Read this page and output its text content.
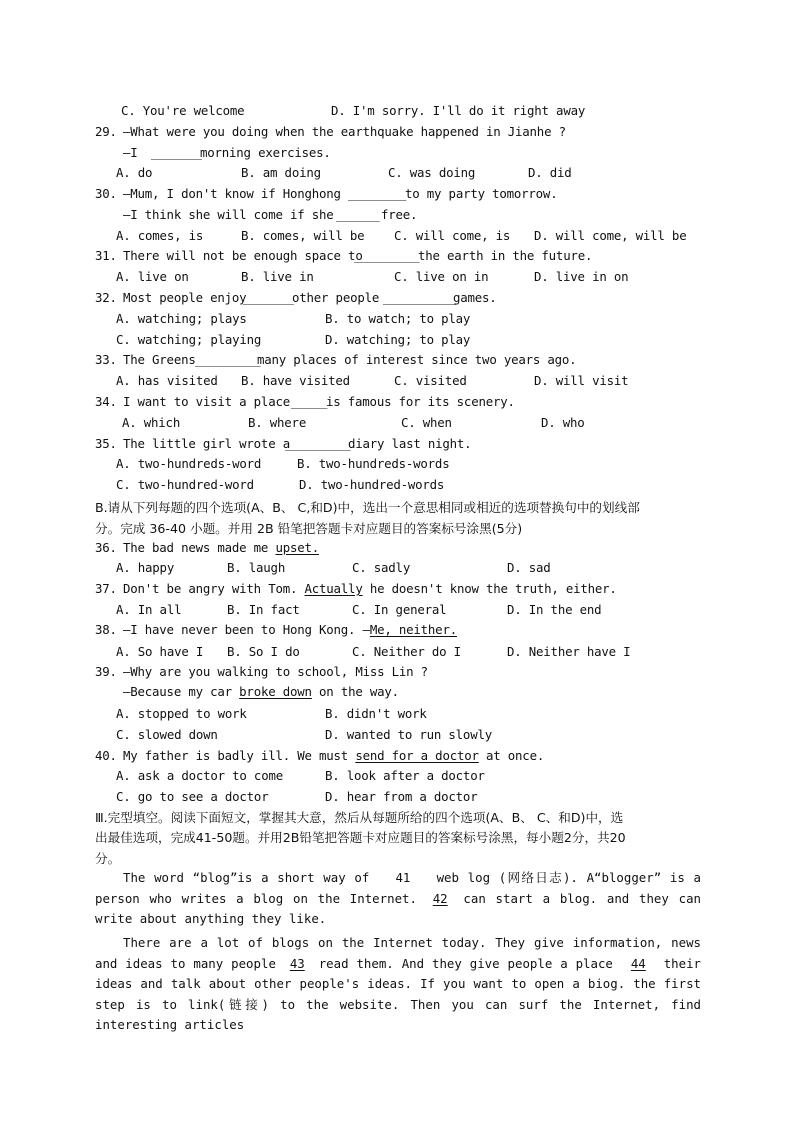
C. You're welcome	D. I'm sorry. I'll do it right away
29. —What were you doing when the earthquake happened in Jianhe ?
—I _______
morning exercises.
A. do	B. am doing	C. was doing	D. did
30. —Mum, I don't know if Honghong ________
to my party tomorrow.
—I think she will come if she ______ free.
A. comes, is	B. comes, will be C. will come, is D. will come, will be
31. There will not be enough space to
_________
the earth in the future.
A. live on	B. live in	C. live on in	D. live in on
32. Most people enjoy
_______
other people __________
games.
A. watching; plays	B. to watch; to play
C. watching; playing	D. watching; to play
33. The Greens _________
many places of interest since two years ago.
A. has visited B. have visited	C. visited	D. will visit
34. I want to visit a place _____
is famous for its scenery.
A. which	B. where	C. when	D. who
35. The little girl wrote a
_________
diary last night.
A. two-hundreds-word	B. two-hundreds-words
C. two-hundred-word	D. two-hundred-words
B.请从下列每题的四个选项(A、B、 C,和D)中，选出一个意思相同或相近的选项替换句中的划线部
分。完成 36-40 小题。并用 2B 铅笔把答题卡对应题目的答案标号涂黑(5分)
36. The bad news made me upset.
A. happy	B. laugh	C. sadly	D. sad
37. Don't be angry with Tom. Actually he doesn't know the truth, either.
A. In all	B. In fact	C. In general	D. In the end
38. —I have never been to Hong Kong. —Me, neither.
A. So have I B. So I do	C. Neither do I	D. Neither have I
39. —Why are you walking to school, Miss Lin ?
—Because my car broke down on the way.
A. stopped to work	B. didn't work
C. slowed down	D. wanted to run slowly
40. My father is badly ill. We must send for a doctor at once.
A. ask a doctor to come	B. look after a doctor
C. go to see a doctor	D. hear from a doctor
Ⅲ.完型填空。阅读下面短文，掌握其大意，然后从每题所给的四个选项(A、B、 C、和D)中，选
出最佳选项，完成41-50题。并用2B铅笔把答题卡对应题目的答案标号涂黑，每小题2分，共20
分。
The word “blog”is a short way of 41 web log (网络日志). A“blogger” is a person who writes a blog on the Internet. 42 can start a blog. and they can write about anything they like.
There are a lot of blogs on the Internet today. They give information, news and ideas to many people 43 read them. And they give people a place 44 their ideas and talk about other people's ideas. If you want to open a biog. the first step is to link(链接) to the website. Then you can surf the Internet, find interesting articles
